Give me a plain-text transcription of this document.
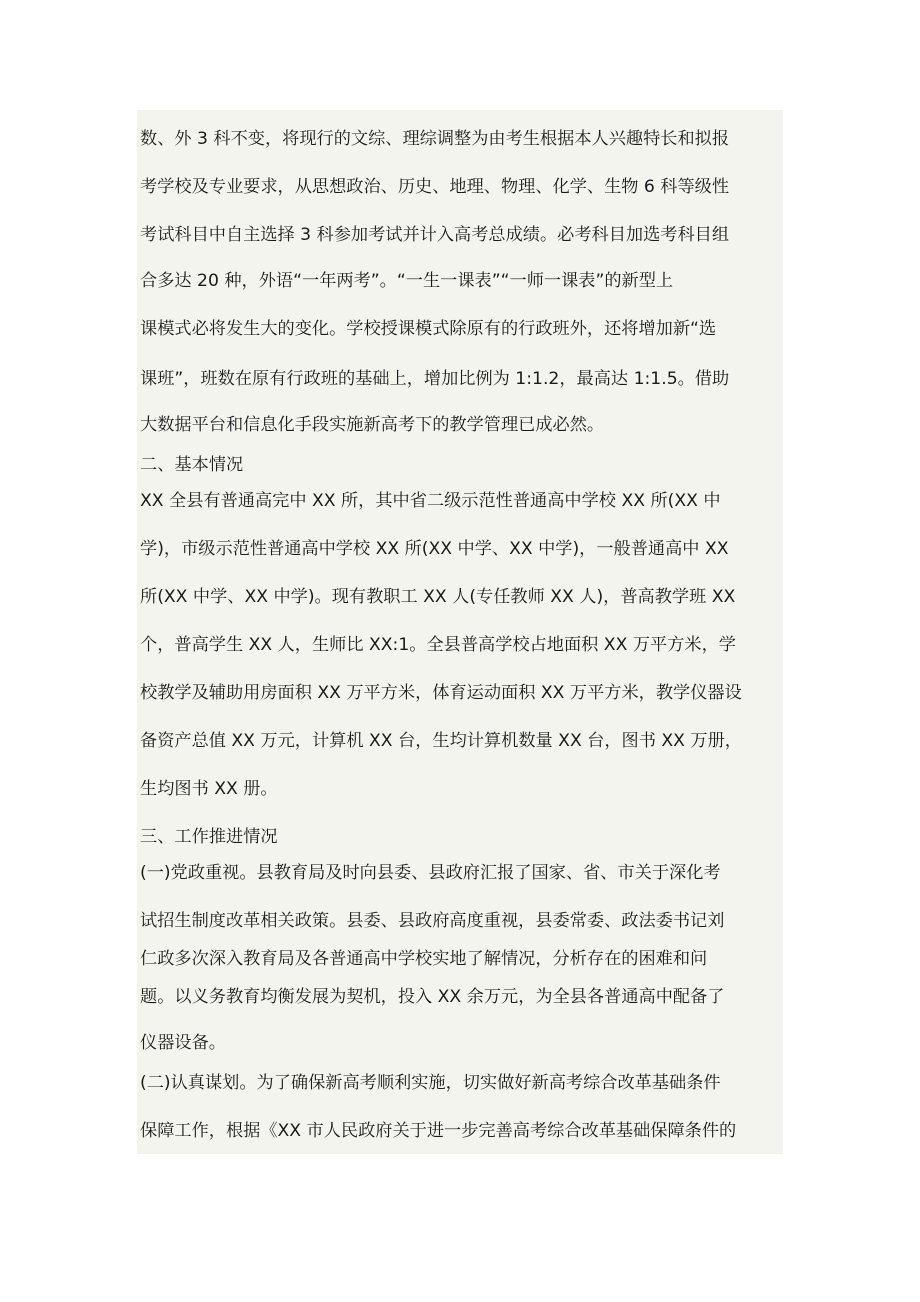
数、外 3 科不变，将现行的文综、理综调整为由考生根据本人兴趣特长和拟报
考学校及专业要求，从思想政治、历史、地理、物理、化学、生物 6 科等级性
考试科目中自主选择 3 科参加考试并计入高考总成绩。必考科目加选考科目组
合多达 20 种，外语“一年两考”。“一生一课表”“一师一课表”的新型上
课模式必将发生大的变化。学校授课模式除原有的行政班外，还将增加新“选
课班”，班数在原有行政班的基础上，增加比例为 1:1.2，最高达 1:1.5。借助
大数据平台和信息化手段实施新高考下的教学管理已成必然。
二、基本情况
XX 全县有普通高完中 XX 所，其中省二级示范性普通高中学校 XX 所(XX 中
学)，市级示范性普通高中学校 XX 所(XX 中学、XX 中学)，一般普通高中 XX
所(XX 中学、XX 中学)。现有教职工 XX 人(专任教师 XX 人)，普高教学班 XX
个，普高学生 XX 人，生师比 XX:1。全县普高学校占地面积 XX 万平方米，学
校教学及辅助用房面积 XX 万平方米，体育运动面积 XX 万平方米，教学仪器设
备资产总值 XX 万元，计算机 XX 台，生均计算机数量 XX 台，图书 XX 万册，
生均图书 XX 册。
三、工作推进情况
(一)党政重视。县教育局及时向县委、县政府汇报了国家、省、市关于深化考
试招生制度改革相关政策。县委、县政府高度重视，县委常委、政法委书记刘
仁政多次深入教育局及各普通高中学校实地了解情况，分析存在的困难和问
题。以义务教育均衡发展为契机，投入 XX 余万元，为全县各普通高中配备了
仪器设备。
(二)认真谋划。为了确保新高考顺利实施，切实做好新高考综合改革基础条件
保障工作，根据《XX 市人民政府关于进一步完善高考综合改革基础保障条件的
